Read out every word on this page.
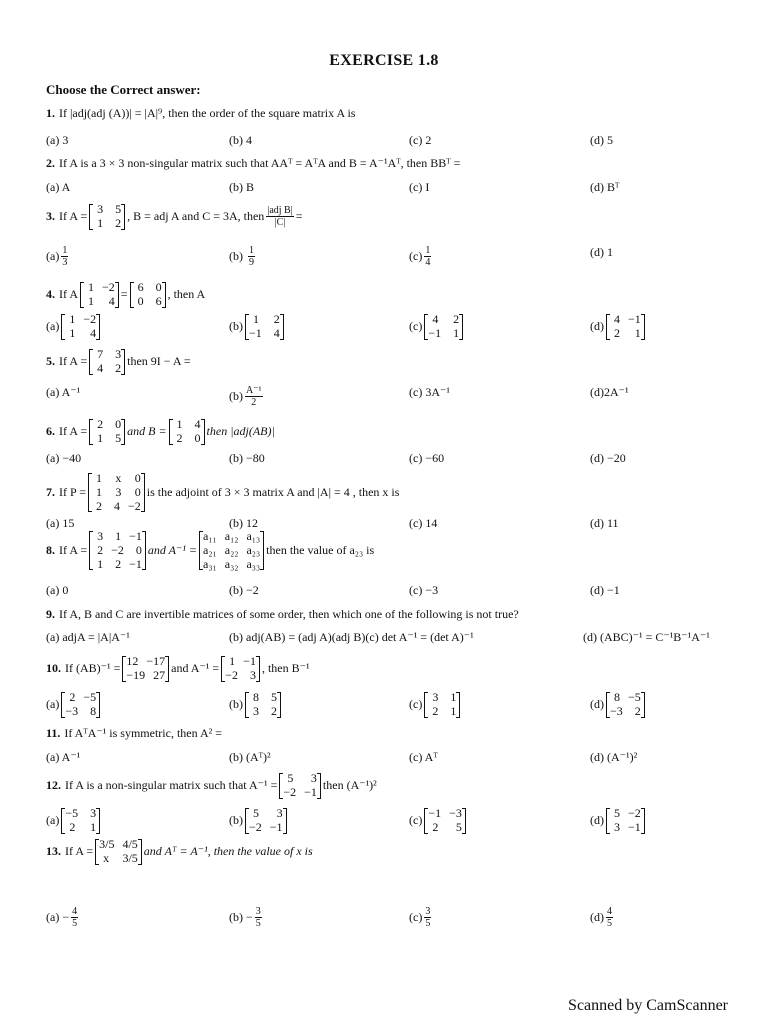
EXERCISE 1.8
Choose the Correct answer:
1. If |adj(adj (A))| = |A|⁹, then the order of the square matrix A is
(a) 3	(b) 4	(c) 2	(d) 5
2. If A is a 3 × 3 non-singular matrix such that AAᵀ = AᵀA and B = A⁻¹Aᵀ, then BBᵀ =
(a) A	(b) B	(c) I	(d) Bᵀ
3. If A =
3	5
1	2 , B = adj A and C = 3A, then $\frac{\text{|adj B|}}{|C|}$ =
$(a) \frac{1}{3}$	(b)
$\frac{1}{9}$	$(c) \frac{1}{4}$	(d) 1
4. If A
1 −2
1	4 =
6	0
0	6 , then A
(a)
1 −2
1	4	(b)
1	2
−1	4	(c)
4	2
−1	1	(d)
4 −1
2	1
5. If A =
7	3
4	2 then 9I − A =
(a) A⁻¹	$(b) \frac{\text{A⁻¹}}{2}$	(c) 3A⁻¹	(d)2A⁻¹
6. If A =
2	0
1	5 and B =
1	4
2	0 then |adj(AB)|
(a) −40	(b) −80	(c) −60	(d) −20
7. If P =
1	x	0
1	3	0
2	4 −2
is the adjoint of 3 × 3 matrix A and |A| = 4 , then x is
(a) 15	(b) 12	(c) 14	(d) 11
8. If A =
3	1 −1
2 −2	0
1	2 −1
and A⁻¹ =
a₁₁ a₁₂ a₁₃
a₂₁ a₂₂ a₂₃
a₃₁ a₃₂ a₃₃
then the value of a₂₃ is
(a) 0	(b) −2	(c) −3	(d) −1
9. If A, B and C are invertible matrices of some order, then which one of the following is not true?
(a) adjA = |A|A⁻¹	(b) adj(AB) = (adj A)(adj B)(c) det A⁻¹ = (det A)⁻¹	(d) (ABC)⁻¹ = C⁻¹B⁻¹A⁻¹
10. If (AB)⁻¹ =
12 −17
−19 27 and A⁻¹ =
1 −1
−2	3 , then B⁻¹
(a)
2 −5
−3	8	(b)
8	5
3	2	(c)
3	1
2	1	(d)
8 −5
−3	2
11. If AᵀA⁻¹ is symmetric, then A² =
(a) A⁻¹	(b) (Aᵀ)²	(c) Aᵀ	(d) (A⁻¹)²
12. If A is a non-singular matrix such that A⁻¹ =
5	3
−2 −1 then (A⁻¹)²
(a)
−5	3
2	1	(b)
5	3
−2 −1	(c)
−1 −3
2	5	(d)
5 −2
3 −1
13. If A =
3/5 4/5
x 3/5 and Aᵀ = A⁻¹, then the value of x is
$(a) - \frac{4}{5}$	$(b) - \frac{3}{5}$	$(c) \frac{3}{5}$	$(d) \frac{4}{5}$
Scanned by CamScanner
